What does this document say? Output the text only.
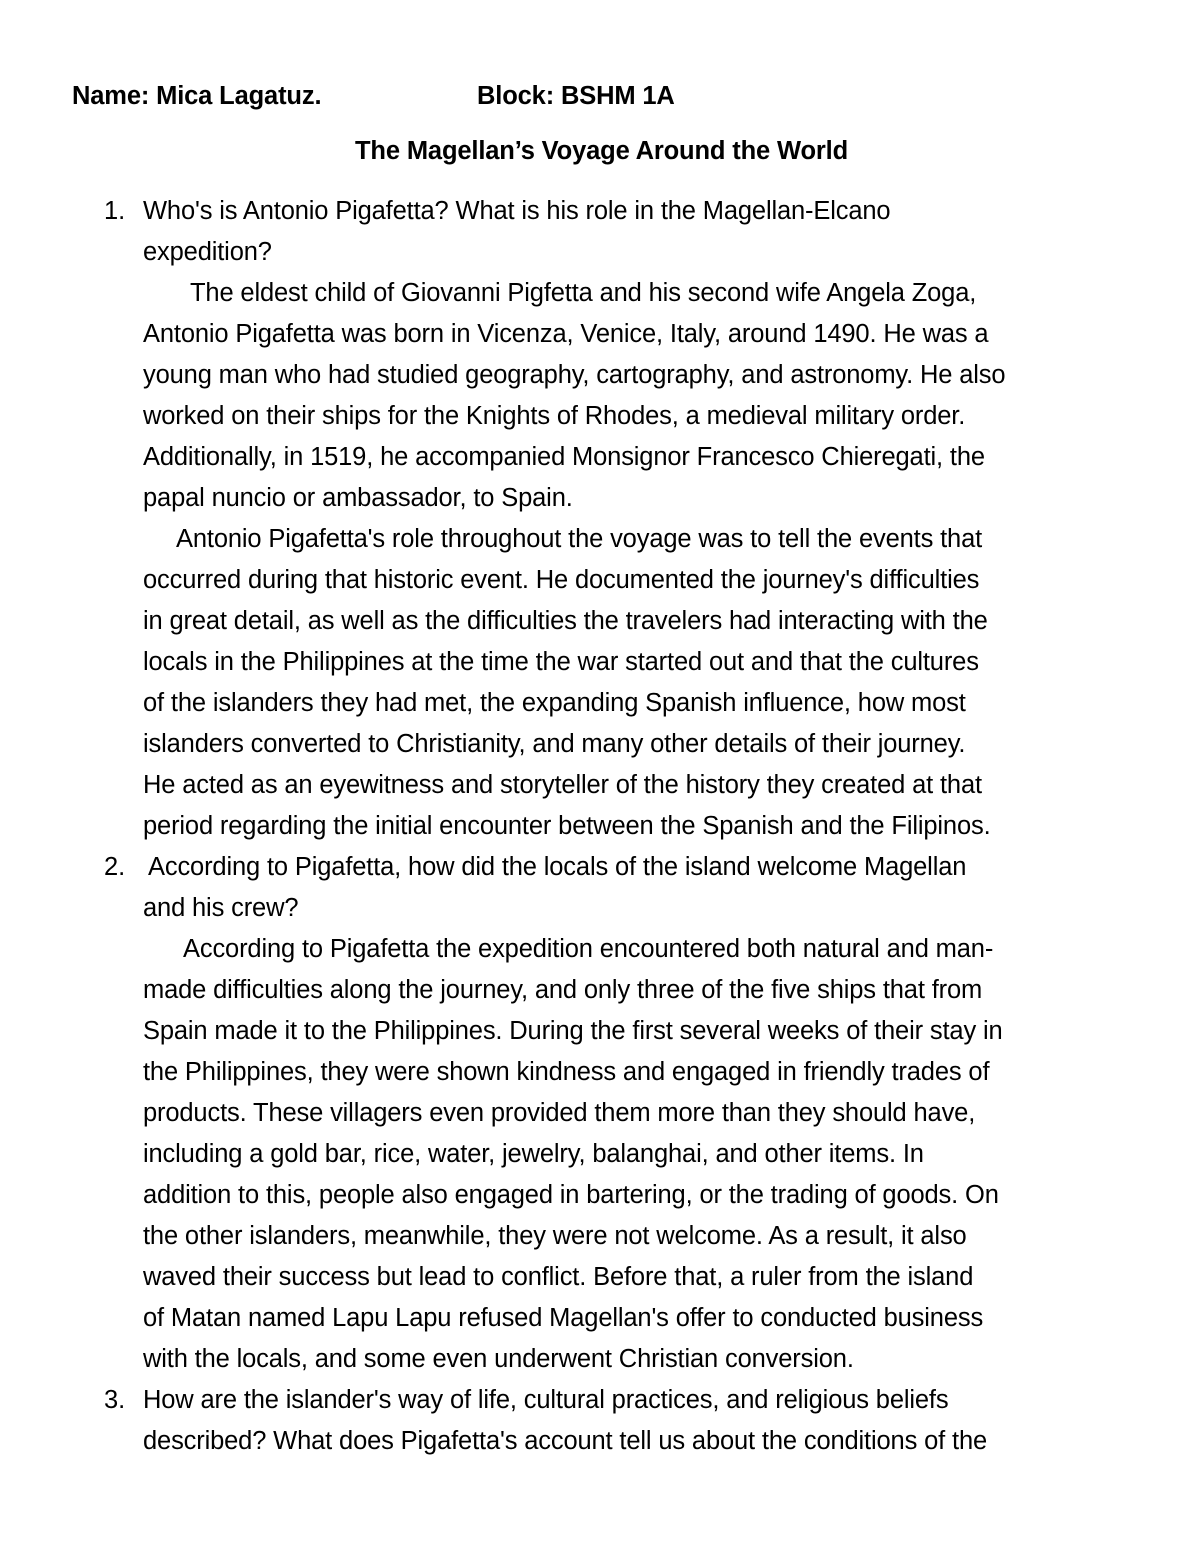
Name: Mica Lagatuz.	Block: BSHM 1A
The Magellan’s Voyage Around the World
1. Who's is Antonio Pigafetta? What is his role in the Magellan-Elcano
expedition?
The eldest child of Giovanni Pigfetta and his second wife Angela Zoga,
Antonio Pigafetta was born in Vicenza, Venice, Italy, around 1490. He was a
young man who had studied geography, cartography, and astronomy. He also
worked on their ships for the Knights of Rhodes, a medieval military order.
Additionally, in 1519, he accompanied Monsignor Francesco Chieregati, the
papal nuncio or ambassador, to Spain.
Antonio Pigafetta's role throughout the voyage was to tell the events that
occurred during that historic event. He documented the journey's difficulties
in great detail, as well as the difficulties the travelers had interacting with the
locals in the Philippines at the time the war started out and that the cultures
of the islanders they had met, the expanding Spanish influence, how most
islanders converted to Christianity, and many other details of their journey.
He acted as an eyewitness and storyteller of the history they created at that
period regarding the initial encounter between the Spanish and the Filipinos.
2. According to Pigafetta, how did the locals of the island welcome Magellan
and his crew?
According to Pigafetta the expedition encountered both natural and man-
made difficulties along the journey, and only three of the five ships that from
Spain made it to the Philippines. During the first several weeks of their stay in
the Philippines, they were shown kindness and engaged in friendly trades of
products. These villagers even provided them more than they should have,
including a gold bar, rice, water, jewelry, balanghai, and other items. In
addition to this, people also engaged in bartering, or the trading of goods. On
the other islanders, meanwhile, they were not welcome. As a result, it also
waved their success but lead to conflict. Before that, a ruler from the island
of Matan named Lapu Lapu refused Magellan's offer to conducted business
with the locals, and some even underwent Christian conversion.
3. How are the islander's way of life, cultural practices, and religious beliefs
described? What does Pigafetta's account tell us about the conditions of the
